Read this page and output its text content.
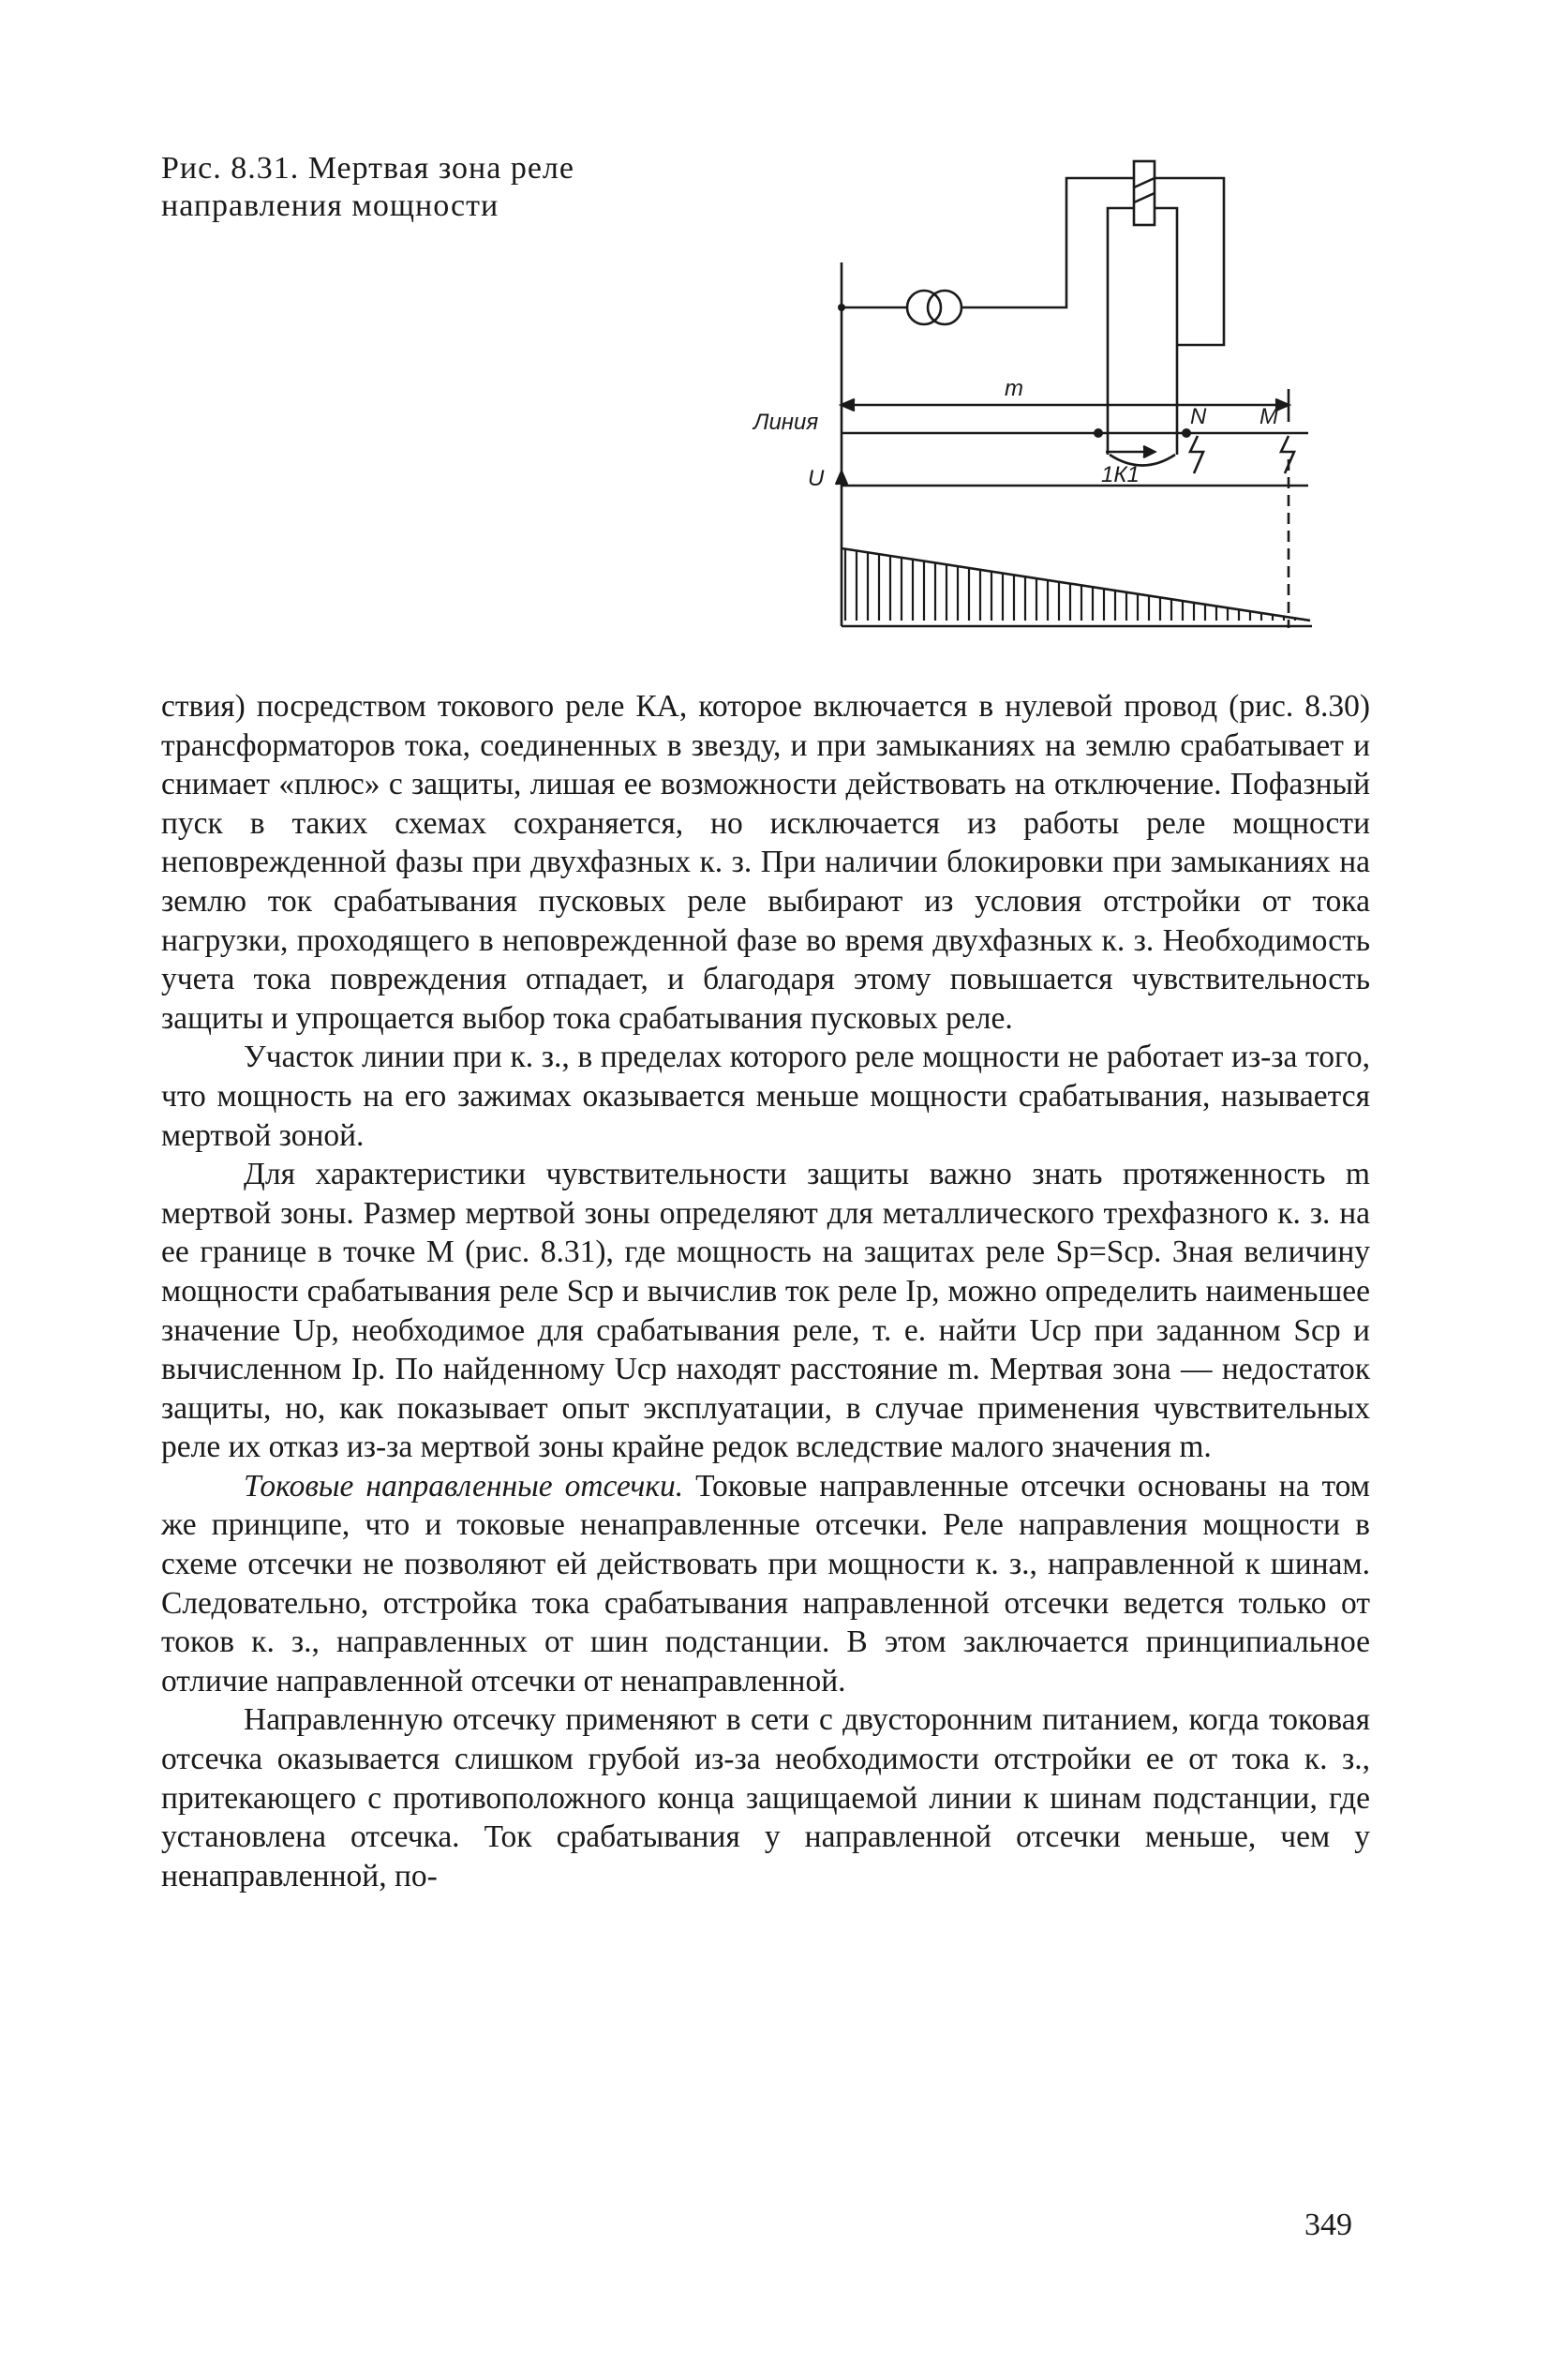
Рис. 8.31. Мертвая зона реле

направления мощности

m
Линия	N M
1К1
U

ствия) посредством токового реле КА, которое включается в нулевой провод (рис. 8.30) трансформаторов тока, соединенных в звезду, и при замыканиях на землю срабатывает и снимает «плюс» с защиты, лишая ее возможности действовать на отключение. Пофазный пуск в таких схемах сохраняется, но исключается из работы реле мощности неповрежденной фазы при двухфазных к. з. При наличии блокировки при замыканиях на землю ток срабатывания пусковых реле выбирают из условия отстройки от тока нагрузки, проходящего в неповрежденной фазе во время двухфазных к. з. Необходимость учета тока повреждения отпадает, и благодаря этому повышается чувствительность защиты и упрощается выбор тока срабатывания пусковых реле.

Участок линии при к. з., в пределах которого реле мощности не работает из-за того, что мощность на его зажимах оказывается меньше мощности срабатывания, называется мертвой зоной.

Для характеристики чувствительности защиты важно знать протяженность m мертвой зоны. Размер мертвой зоны определяют для металлического трехфазного к. з. на ее границе в точке М (рис. 8.31), где мощность на защитах реле Sр=Sср. Зная величину мощности срабатывания реле Sср и вычислив ток реле Iр, можно определить наименьшее значение Uр, необходимое для срабатывания реле, т. е. найти Uср при заданном Sср и вычисленном Iр. По найденному Uср находят расстояние m. Мертвая зона — недостаток защиты, но, как показывает опыт эксплуатации, в случае применения чувствительных реле их отказ из-за мертвой зоны крайне редок вследствие малого значения m.

Токовые направленные отсечки. Токовые направленные отсечки основаны на том же принципе, что и токовые ненаправленные отсечки. Реле направления мощности в схеме отсечки не позволяют ей действовать при мощности к. з., направленной к шинам. Следовательно, отстройка тока срабатывания направленной отсечки ведется только от токов к. з., направленных от шин подстанции. В этом заключается принципиальное отличие направленной отсечки от ненаправленной.

Направленную отсечку применяют в сети с двусторонним питанием, когда токовая отсечка оказывается слишком грубой из-за необходимости отстройки ее от тока к. з., притекающего с противоположного конца защищаемой линии к шинам подстанции, где установлена отсечка. Ток срабатывания у направленной отсечки меньше, чем у ненаправленной, по-

349
